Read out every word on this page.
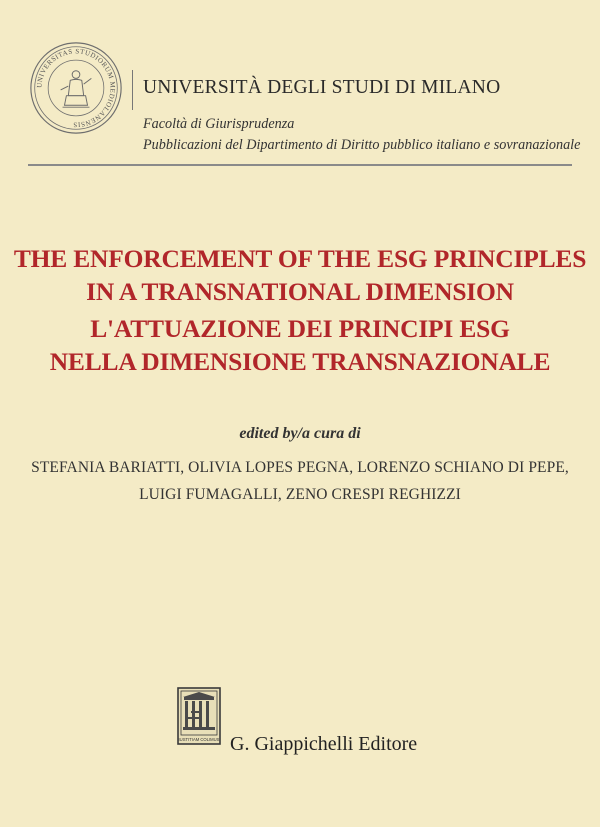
UNIVERSITAS STUDIORUM MEDIOLANENSIS
UNIVERSITÀ DEGLI STUDI DI MILANO
Facoltà di Giurisprudenza
Pubblicazioni del Dipartimento di Diritto pubblico italiano e sovranazionale
THE ENFORCEMENT OF THE ESG PRINCIPLES
IN A TRANSNATIONAL DIMENSION
L'ATTUAZIONE DEI PRINCIPI ESG
NELLA DIMENSIONE TRANSNAZIONALE
edited by/a cura di
STEFANIA BARIATTI, OLIVIA LOPES PEGNA, LORENZO SCHIANO DI PEPE,
LUIGI FUMAGALLI, ZENO CRESPI REGHIZZI
IUSTITIAM COLIMUS G. Giappichelli Editore
